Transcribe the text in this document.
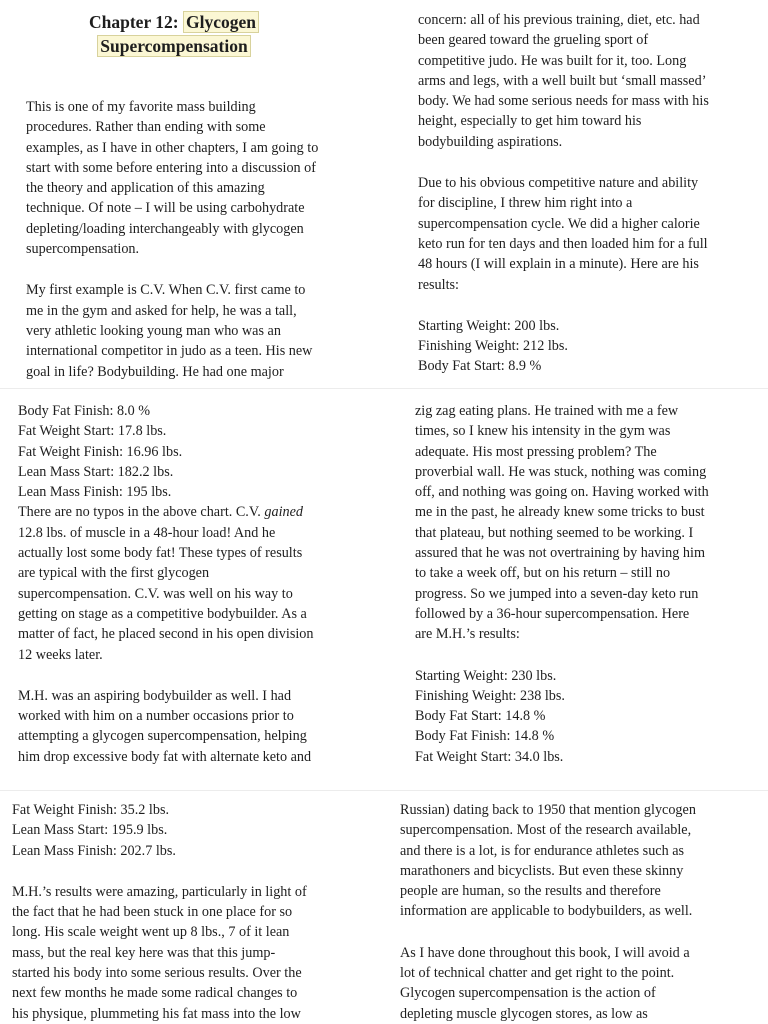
Chapter 12: Glycogen
Supercompensation
This is one of my favorite mass building
procedures. Rather than ending with some
examples, as I have in other chapters, I am going to
start with some before entering into a discussion of
the theory and application of this amazing
technique. Of note – I will be using carbohydrate
depleting/loading interchangeably with glycogen
supercompensation.
My first example is C.V. When C.V. first came to
me in the gym and asked for help, he was a tall,
very athletic looking young man who was an
international competitor in judo as a teen. His new
goal in life? Bodybuilding. He had one major
concern: all of his previous training, diet, etc. had
been geared toward the grueling sport of
competitive judo. He was built for it, too. Long
arms and legs, with a well built but ‘small massed’
body. We had some serious needs for mass with his
height, especially to get him toward his
bodybuilding aspirations.
Due to his obvious competitive nature and ability
for discipline, I threw him right into a
supercompensation cycle. We did a higher calorie
keto run for ten days and then loaded him for a full
48 hours (I will explain in a minute). Here are his
results:
Starting Weight: 200 lbs.
Finishing Weight: 212 lbs.
Body Fat Start: 8.9 %
Body Fat Finish: 8.0 %
Fat Weight Start: 17.8 lbs.
Fat Weight Finish: 16.96 lbs.
Lean Mass Start: 182.2 lbs.
Lean Mass Finish: 195 lbs.
There are no typos in the above chart. C.V. gained
12.8 lbs. of muscle in a 48-hour load! And he
actually lost some body fat! These types of results
are typical with the first glycogen
supercompensation. C.V. was well on his way to
getting on stage as a competitive bodybuilder. As a
matter of fact, he placed second in his open division
12 weeks later.
M.H. was an aspiring bodybuilder as well. I had
worked with him on a number occasions prior to
attempting a glycogen supercompensation, helping
him drop excessive body fat with alternate keto and
zig zag eating plans. He trained with me a few
times, so I knew his intensity in the gym was
adequate. His most pressing problem? The
proverbial wall. He was stuck, nothing was coming
off, and nothing was going on. Having worked with
me in the past, he already knew some tricks to bust
that plateau, but nothing seemed to be working. I
assured that he was not overtraining by having him
to take a week off, but on his return – still no
progress. So we jumped into a seven-day keto run
followed by a 36-hour supercompensation. Here
are M.H.’s results:
Starting Weight: 230 lbs.
Finishing Weight: 238 lbs.
Body Fat Start: 14.8 %
Body Fat Finish: 14.8 %
Fat Weight Start: 34.0 lbs.
Fat Weight Finish: 35.2 lbs.
Lean Mass Start: 195.9 lbs.
Lean Mass Finish: 202.7 lbs.
M.H.’s results were amazing, particularly in light of
the fact that he had been stuck in one place for so
long. His scale weight went up 8 lbs., 7 of it lean
mass, but the real key here was that this jump-
started his body into some serious results. Over the
next few months he made some radical changes to
his physique, plummeting his fat mass into the low
Russian) dating back to 1950 that mention glycogen
supercompensation. Most of the research available,
and there is a lot, is for endurance athletes such as
marathoners and bicyclists. But even these skinny
people are human, so the results and therefore
information are applicable to bodybuilders, as well.
As I have done throughout this book, I will avoid a
lot of technical chatter and get right to the point.
Glycogen supercompensation is the action of
depleting muscle glycogen stores, as low as
